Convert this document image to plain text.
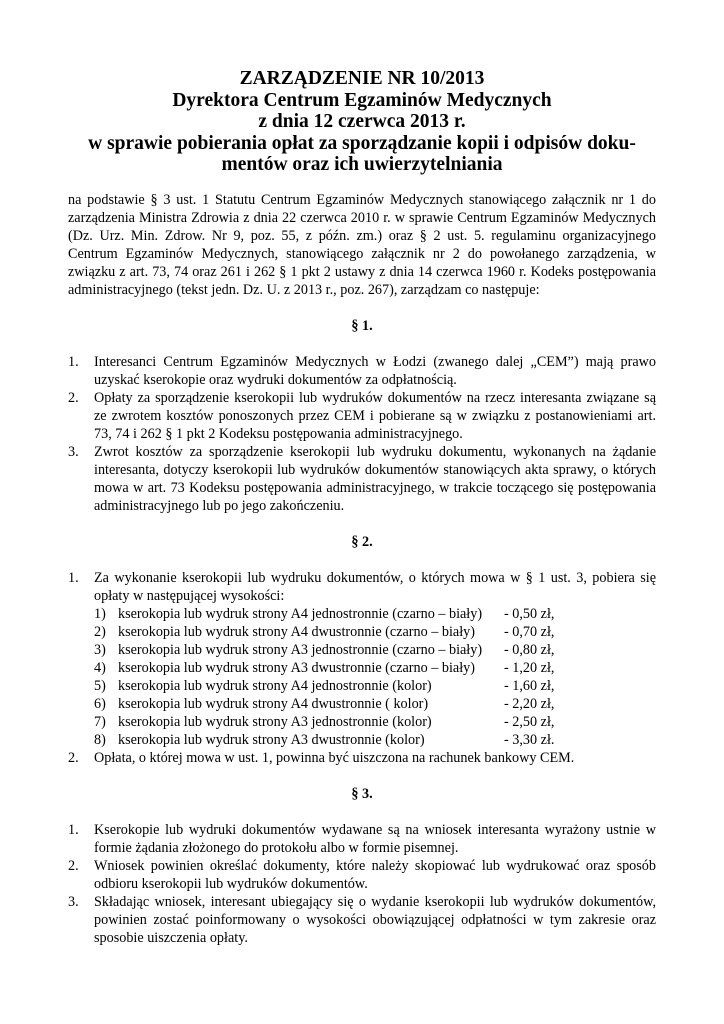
ZARZĄDZENIE NR 10/2013
Dyrektora Centrum Egzaminów Medycznych
z dnia 12 czerwca 2013 r.
w sprawie pobierania opłat za sporządzanie kopii i odpisów doku-
mentów oraz ich uwierzytelniania

na podstawie § 3 ust. 1 Statutu Centrum Egzaminów Medycznych stanowiącego załącznik nr 1 do zarządzenia Ministra Zdrowia z dnia 22 czerwca 2010 r. w sprawie Centrum Egzaminów Medycznych (Dz. Urz. Min. Zdrow. Nr 9, poz. 55, z późn. zm.) oraz § 2 ust. 5. regulaminu organizacyjnego Centrum Egzaminów Medycznych, stanowiącego załącznik nr 2 do powołanego zarządzenia, w związku z art. 73, 74 oraz 261 i 262 § 1 pkt 2 ustawy z dnia 14 czerwca 1960 r. Kodeks postępowania administracyjnego (tekst jedn. Dz. U. z 2013 r., poz. 267), zarządzam co następuje:

§ 1.
1. Interesanci Centrum Egzaminów Medycznych w Łodzi (zwanego dalej „CEM”) mają prawo uzyskać kserokopie oraz wydruki dokumentów za odpłatnością.
2. Opłaty za sporządzenie kserokopii lub wydruków dokumentów na rzecz interesanta związane są ze zwrotem kosztów ponoszonych przez CEM i pobierane są w związku z postanowieniami art. 73, 74 i 262 § 1 pkt 2 Kodeksu postępowania administracyjnego.
3. Zwrot kosztów za sporządzenie kserokopii lub wydruku dokumentu, wykonanych na żądanie interesanta, dotyczy kserokopii lub wydruków dokumentów stanowiących akta sprawy, o których mowa w art. 73 Kodeksu postępowania administracyjnego, w trakcie toczącego się postępowania administracyjnego lub po jego zakończeniu.
§ 2.
1. Za wykonanie kserokopii lub wydruku dokumentów, o których mowa w § 1 ust. 3, pobiera się opłaty w następującej wysokości:
1) kserokopia lub wydruk strony A4 jednostronnie (czarno – biały) - 0,50 zł,
2) kserokopia lub wydruk strony A4 dwustronnie (czarno – biały) - 0,70 zł,
3) kserokopia lub wydruk strony A3 jednostronnie (czarno – biały) - 0,80 zł,
4) kserokopia lub wydruk strony A3 dwustronnie (czarno – biały) - 1,20 zł,
5) kserokopia lub wydruk strony A4 jednostronnie (kolor)	- 1,60 zł,
6) kserokopia lub wydruk strony A4 dwustronnie ( kolor)	- 2,20 zł,
7) kserokopia lub wydruk strony A3 jednostronnie (kolor)	- 2,50 zł,
8) kserokopia lub wydruk strony A3 dwustronnie (kolor)	- 3,30 zł.
2. Opłata, o której mowa w ust. 1, powinna być uiszczona na rachunek bankowy CEM.
§ 3.
1. Kserokopie lub wydruki dokumentów wydawane są na wniosek interesanta wyrażony ustnie w formie żądania złożonego do protokołu albo w formie pisemnej.
2. Wniosek powinien określać dokumenty, które należy skopiować lub wydrukować oraz sposób odbioru kserokopii lub wydruków dokumentów.
3. Składając wniosek, interesant ubiegający się o wydanie kserokopii lub wydruków dokumentów, powinien zostać poinformowany o wysokości obowiązującej odpłatności w tym zakresie oraz sposobie uiszczenia opłaty.
